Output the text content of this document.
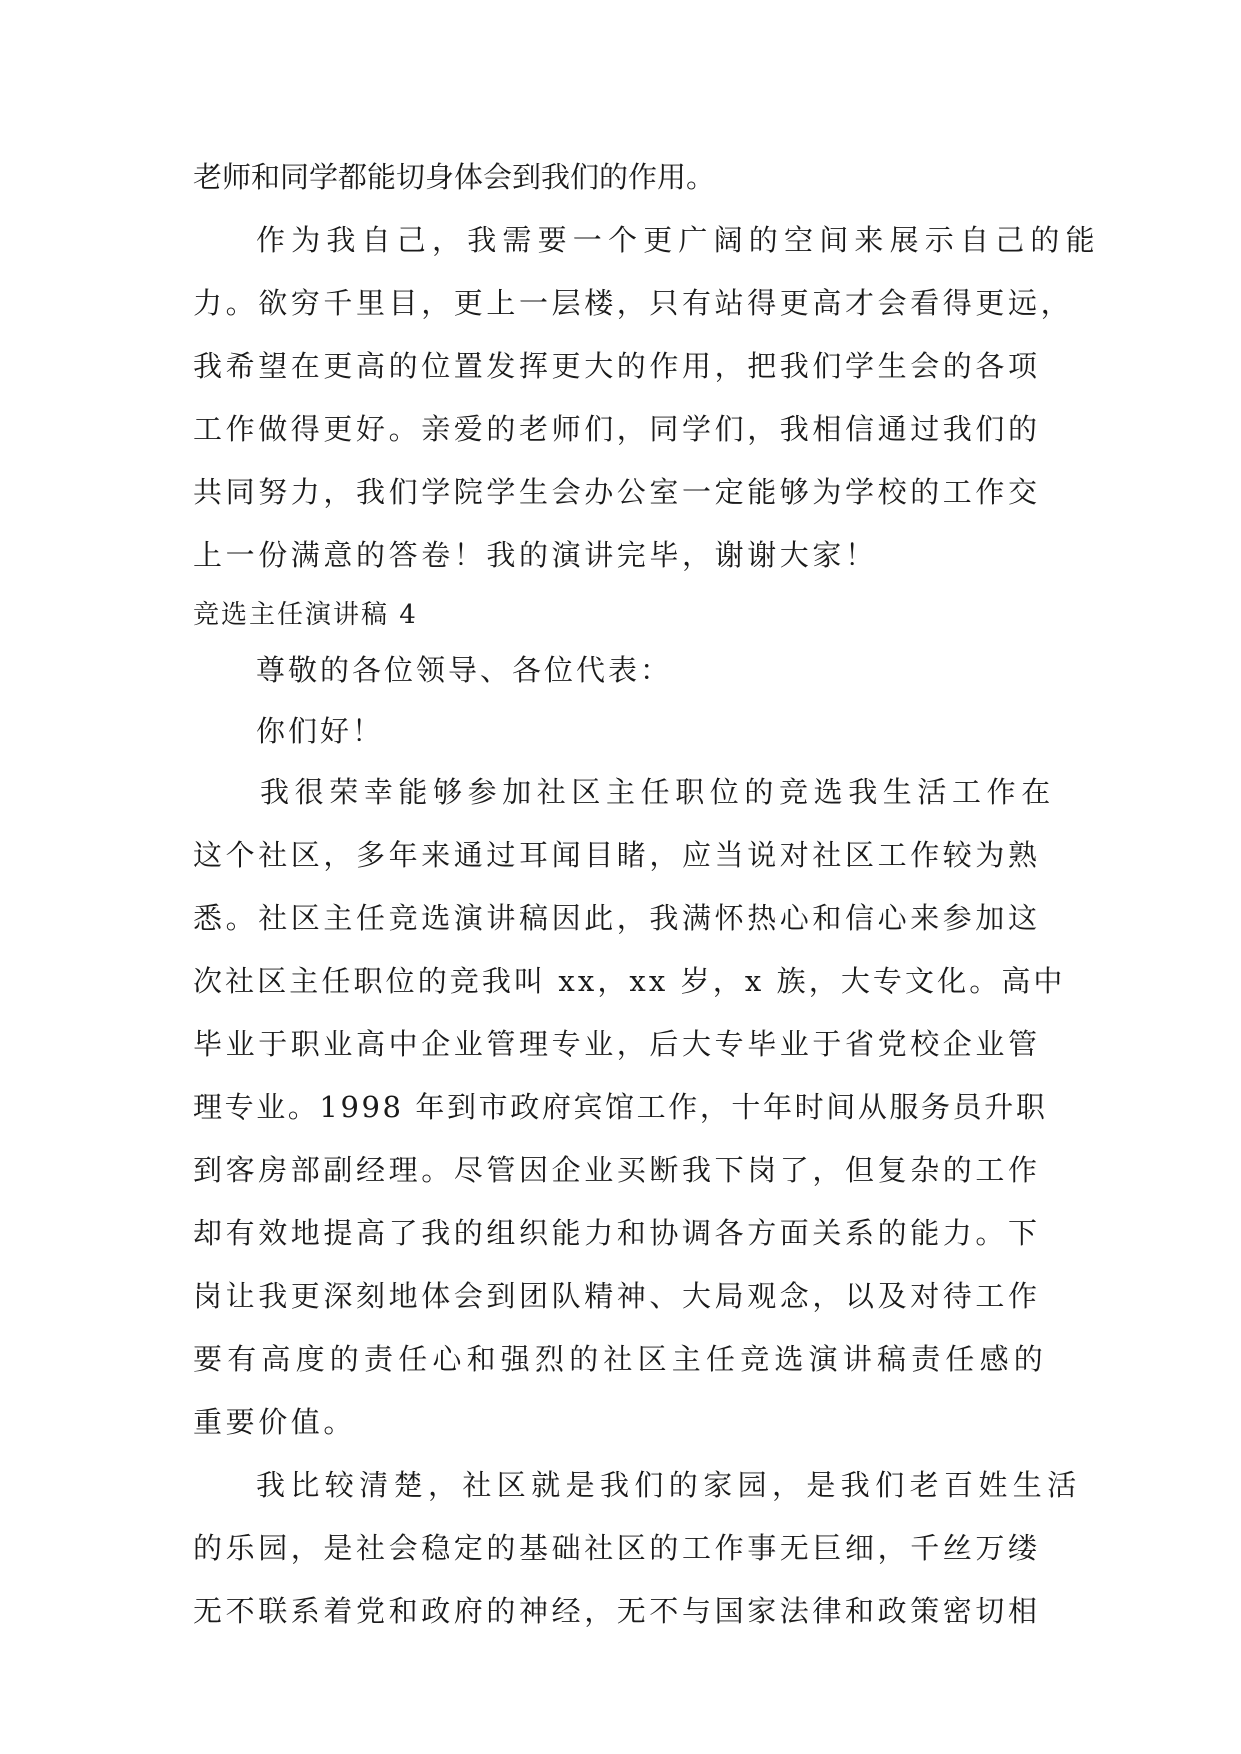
老师和同学都能切身体会到我们的作用。
作为我自己，我需要一个更广阔的空间来展示自己的能
力。欲穷千里目，更上一层楼，只有站得更高才会看得更远，
我希望在更高的位置发挥更大的作用，把我们学生会的各项
工作做得更好。亲爱的老师们，同学们，我相信通过我们的
共同努力，我们学院学生会办公室一定能够为学校的工作交
上一份满意的答卷！我的演讲完毕，谢谢大家！
竞选主任演讲稿 4
尊敬的各位领导、各位代表：
你们好！
我很荣幸能够参加社区主任职位的竞选我生活工作在
这个社区，多年来通过耳闻目睹，应当说对社区工作较为熟
悉。社区主任竞选演讲稿因此，我满怀热心和信心来参加这
次社区主任职位的竞我叫 xx，xx 岁，x 族，大专文化。高中
毕业于职业高中企业管理专业，后大专毕业于省党校企业管
理专业。1998 年到市政府宾馆工作，十年时间从服务员升职
到客房部副经理。尽管因企业买断我下岗了，但复杂的工作
却有效地提高了我的组织能力和协调各方面关系的能力。下
岗让我更深刻地体会到团队精神、大局观念，以及对待工作
要有高度的责任心和强烈的社区主任竞选演讲稿责任感的
重要价值。
我比较清楚，社区就是我们的家园，是我们老百姓生活
的乐园，是社会稳定的基础社区的工作事无巨细，千丝万缕
无不联系着党和政府的神经，无不与国家法律和政策密切相
